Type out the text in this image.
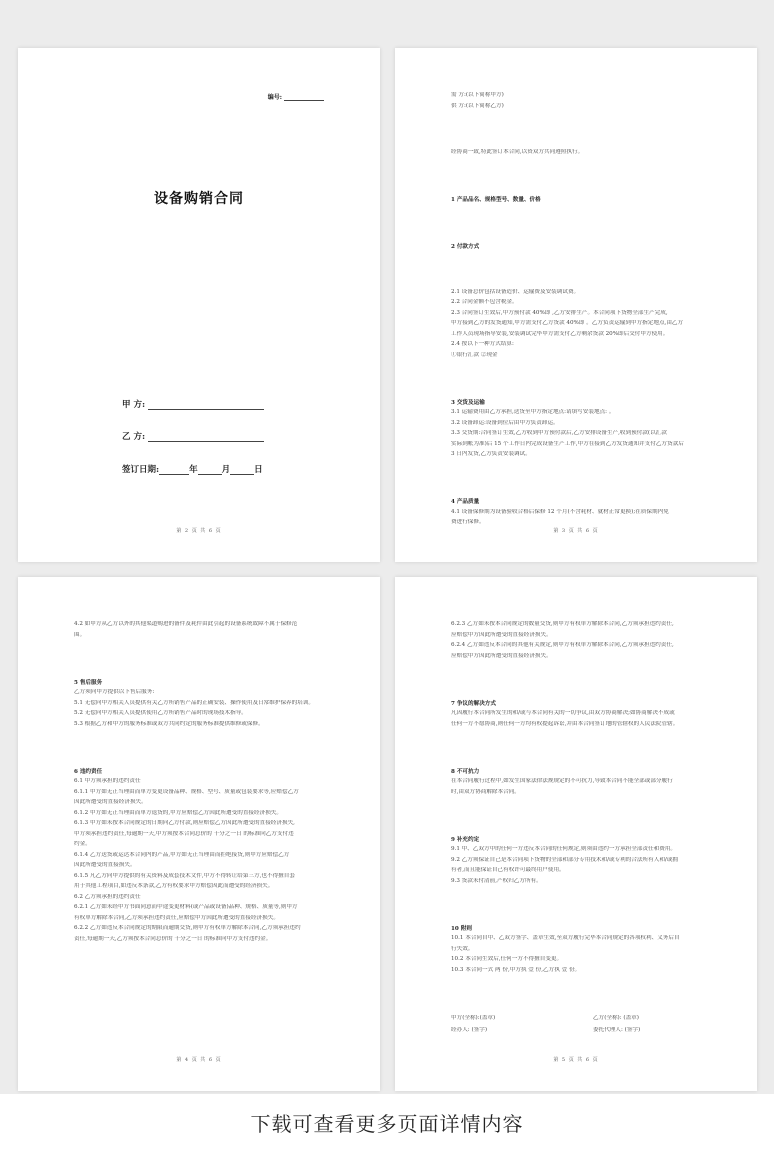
编号:
设备购销合同
甲 方:
乙 方:
签订日期:	年	月	日
第 2 页 共 6 页

需 方:(以下简称甲方)

供 方:(以下简称乙方)

经协商一致,特此签订本合同,以资双方共同遵照执行。

1 产品品名、规格型号、数量、价格

2 付款方式

2.1 设备总价包括设备造价、运输费及安装调试费。

2.2 合同金额不包含税金。

2.3 合同签订生效后,甲方预付款 40%即 ,乙方安排生产。本合同项下货物全部生产完成,

甲方接到乙方的发货通知,甲方需支付乙方货款 40%即 。乙方负责运输到甲方指定地点,由乙方

工作人员现场指导安装,安装调试完毕甲方需支付乙方剩余货款 20%即后交付甲方使用。

2.4 按以下一种方式结算:

①银行汇款 ②现金

3 交货及运输

3.1 运输费用由乙方承担,送货至甲方指定地点:请填写安装地点: 。

3.2 设备卸运:设备到位后由甲方负责卸运。

3.3 交货期:合同签订生效,乙方收到甲方预付款后,乙方安排设备生产,收到预付款(以汇款

实际到帐为准)后 15 个工作日内完成设备生产工作,甲方在接到乙方发货通知并支付乙方货款后

3 日内发货,乙方负责安装调试。

4 产品质量

4.1 设备保修期为设备验收合格后保修 12 个月(不含耗材、就材正常更换);在质保期内免

费进行保修。

第 3 页 共 6 页

4.2 如甲方从乙方以外的其他渠道购进的备件及耗件由此引起的设备系统故障不属于保修范

围。

5 售后服务

乙方须向甲方提供以下售后服务:

5.1 无偿向甲方相关人员提供有关乙方所销售产品的正确安装、操作使用及日常维护保养的培训。

5.2 无偿向甲方相关人员提供使用乙方所销售产品时的现场技术指导。

5.3 根据乙方和甲方的服务标准或双方共同约定的服务标准提供维修或保修。

6 违约责任

6.1 甲方须承担的违约责任

6.1.1 甲方如无正当理由而单方变更设备品种、规格、型号、质量或包装要求等,应赔偿乙方

因此所遭受的直接经济损失。

6.1.2 甲方如无正当理由而单方退货的,甲方应赔偿乙方因此所遭受的直接经济损失。

6.1.3 甲方如未按本合同规定的日期向乙方付款,则应赔偿乙方因此所遭受的直接经济损失,

甲方须承担违约责任,每逾期一天,甲方须按本合同总价的 千分之一日 的标准向乙方支付违

约金。

6.1.4 乙方送货或运达本合同内的产品,甲方如无正当理由而拒绝接货,则甲方应赔偿乙方

因此所遭受的直接损失。

6.1.5 凡乙方向甲方提供的有关资料及成套技术文件,甲方不得转让给第三方,也不得擅自套

用于其他工程项目,如违反本条款,乙方有权要求甲方赔偿因此而遭受的经济损失。

6.2 乙方须承担的违约责任

6.2.1 乙方如未经甲方书面同意而中途变更材料(或产品或设备)品种、规格、质量等,则甲方

有权单方解除本合同,乙方须承担违约责任,应赔偿甲方因此所遭受的直接经济损失。

6.2.2 乙方如违反本合同规定的期限而逾期交货,则甲方有权单方解除本合同,乙方须承担违约

责任,每逾期一天,乙方须按本合同总价的 千分之一日 的标准向甲方支付违约金。

第 4 页 共 6 页

6.2.3 乙方如未按本合同规定的数量交货,则甲方有权单方解除本合同,乙方须承担违约责任,

应赔偿甲方因此所遭受的直接经济损失。

6.2.4 乙方如违反本合同的其他有关规定,则甲方有权单方解除本合同,乙方须承担违约责任,

应赔偿甲方因此所遭受的直接经济损失。

7 争议的解决方式

凡因履行本合同所发生的和/或与本合同有关的一切争议,由双方协商解决;如协商解决不成或

任何一方不愿协商,则任何一方均有权提起诉讼,并由本合同签订地的管辖权的人民法院管辖。

8 不可抗力

在本合同履行过程中,如发生国家法律法规规定的不可抗力,导致本合同不能全部或部分履行

时,由双方协商解除本合同。

9 补充约定

9.1 甲、乙双方中的任何一方违反本合同的任何规定,则须由违约一方承担全部责任和费用。

9.2 乙方须保证自己是本合同项下货物的全部和部分专用技术和/或专利的合法所有人和/或拥

有者,而且能保证自己有权许可最终用户使用。

9.3 货款未付清前,产权归乙方所有。

10 附则

10.1 本合同自甲、乙双方签字、盖章生效,至双方履行完毕本合同规定的各项权利、义务后自

行失效。

10.2 本合同生效后,任何一方不得擅自变更。

10.3 本合同一式 两 份,甲方执 壹 份,乙方执 壹 份。

甲方(全称):(盖章)	乙方(全称): (盖章)

经办人: (签字)	委托代理人: (签字)

第 5 页 共 6 页
下载可查看更多页面详情内容
